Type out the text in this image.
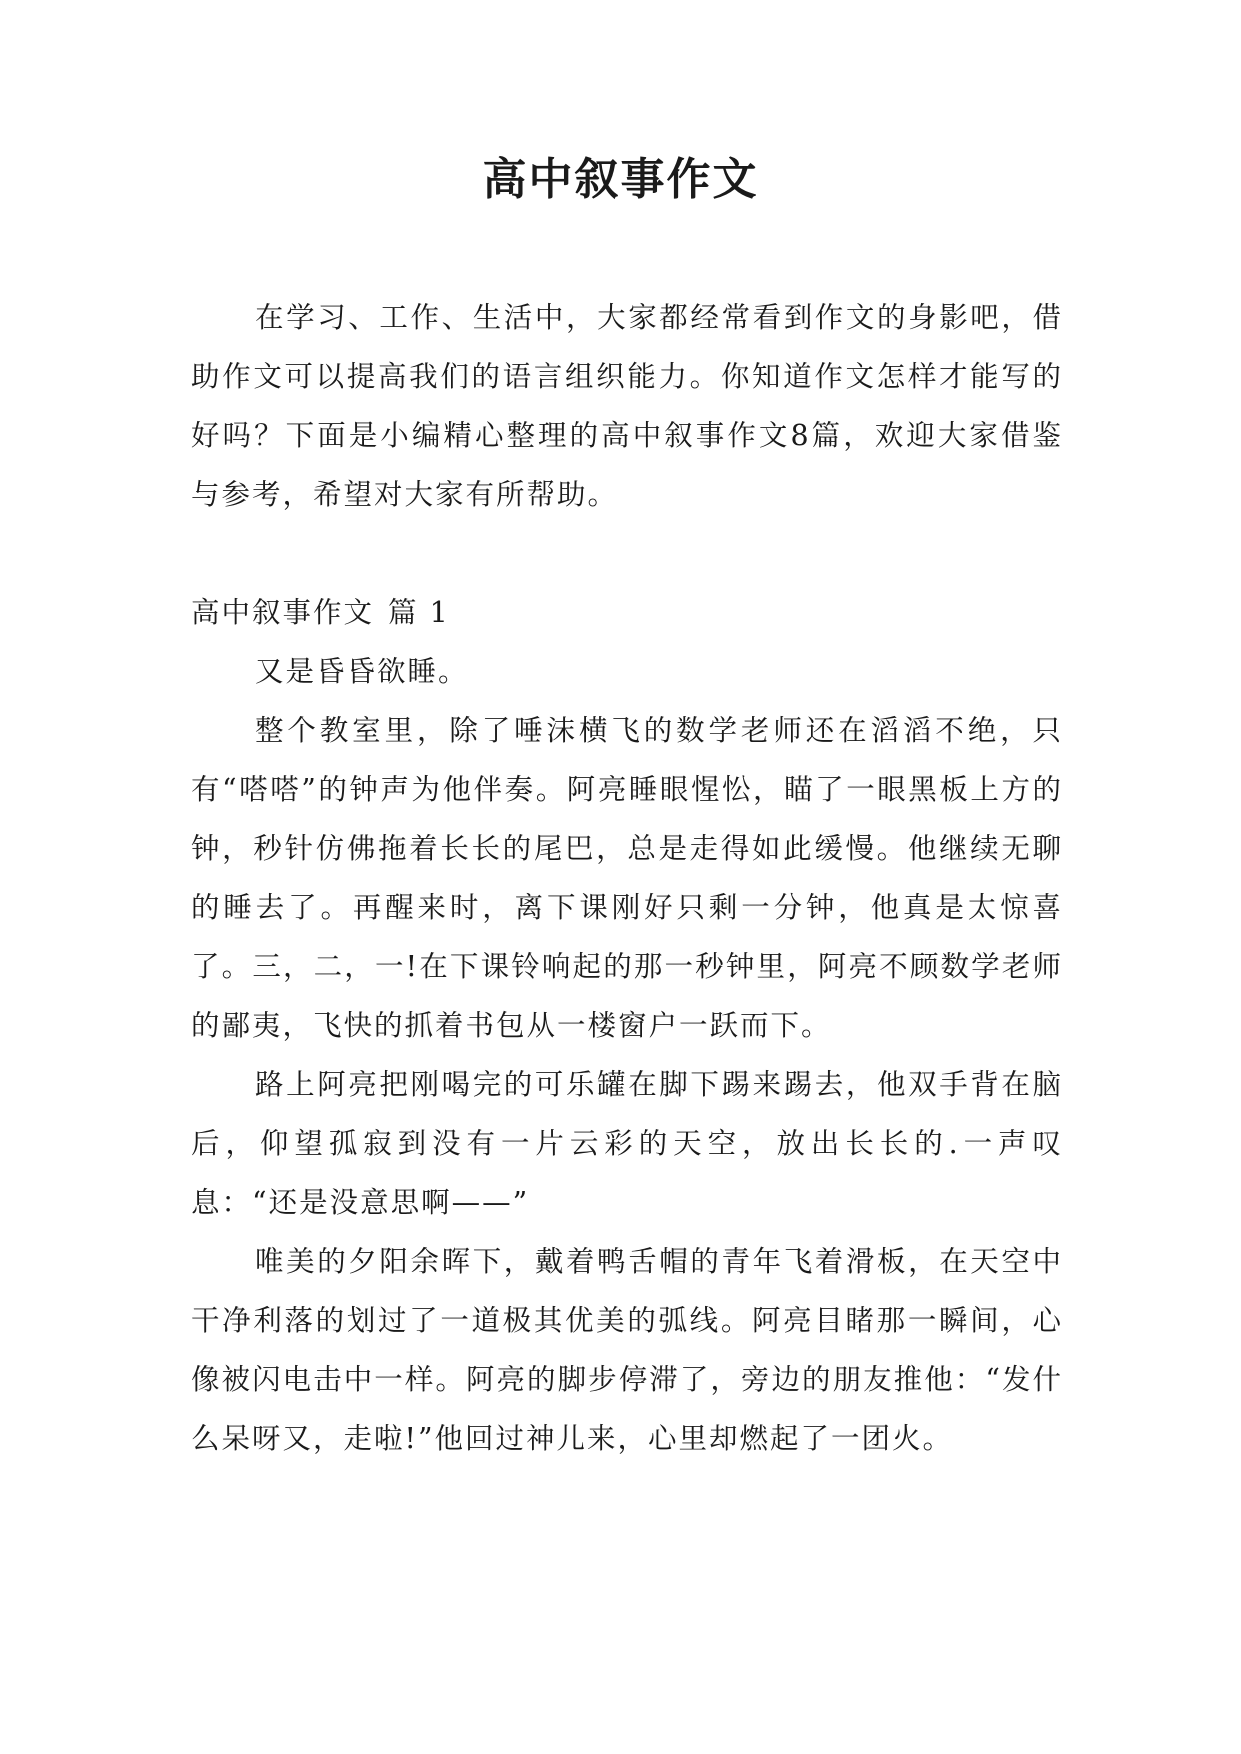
高中叙事作文

在学习、工作、生活中，大家都经常看到作文的身影吧，借助作文可以提高我们的语言组织能力。你知道作文怎样才能写的好吗？下面是小编精心整理的高中叙事作文8篇，欢迎大家借鉴与参考，希望对大家有所帮助。

高中叙事作文 篇 1

又是昏昏欲睡。

整个教室里，除了唾沫横飞的数学老师还在滔滔不绝，只有“嗒嗒”的钟声为他伴奏。阿亮睡眼惺忪，瞄了一眼黑板上方的钟，秒针仿佛拖着长长的尾巴，总是走得如此缓慢。他继续无聊的睡去了。再醒来时，离下课刚好只剩一分钟，他真是太惊喜了。三，二，一!在下课铃响起的那一秒钟里，阿亮不顾数学老师的鄙夷，飞快的抓着书包从一楼窗户一跃而下。

路上阿亮把刚喝完的可乐罐在脚下踢来踢去，他双手背在脑后，仰望孤寂到没有一片云彩的天空，放出长长的.一声叹息：“还是没意思啊——”

唯美的夕阳余晖下，戴着鸭舌帽的青年飞着滑板，在天空中干净利落的划过了一道极其优美的弧线。阿亮目睹那一瞬间，心像被闪电击中一样。阿亮的脚步停滞了，旁边的朋友推他：“发什么呆呀又，走啦!”他回过神儿来，心里却燃起了一团火。
